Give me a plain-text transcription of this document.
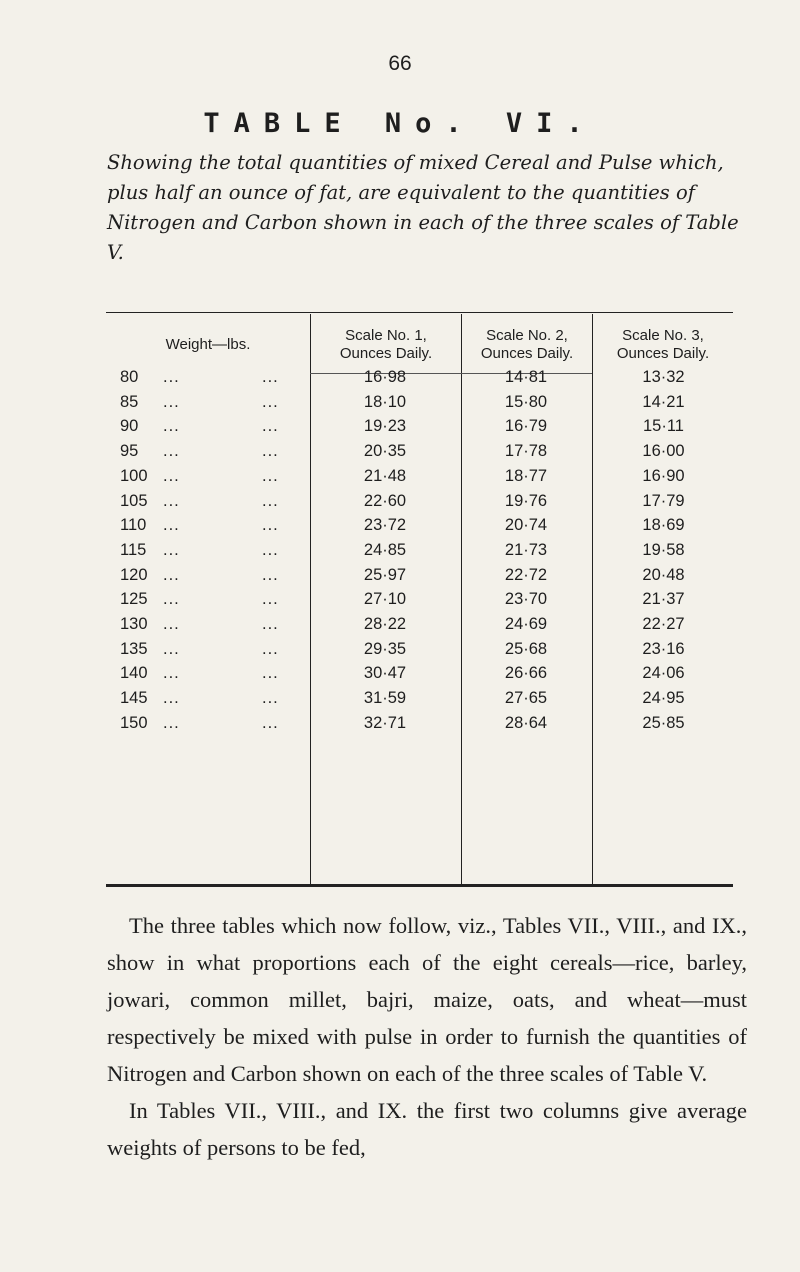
66
TABLE No. VI.
Showing the total quantities of mixed Cereal and Pulse which, plus half an ounce of fat, are equivalent to the quantities of Nitrogen and Carbon shown in each of the three scales of Table V.
Weight—lbs.
Scale No. 1,
Ounces Daily.
Scale No. 2,
Ounces Daily.
Scale No. 3,
Ounces Daily.
80 ...	...	16·98	14·81	13·32
85 ...	...	18·10	15·80	14·21
90 ...	...	19·23	16·79	15·11
95 ...	...	20·35	17·78	16·00
100 ...	...	21·48	18·77	16·90
105 ...	...	22·60	19·76	17·79
110 ...	...	23·72	20·74	18·69
115 ...	...	24·85	21·73	19·58
120 ...	...	25·97	22·72	20·48
125 ...	...	27·10	23·70	21·37
130 ...	...	28·22	24·69	22·27
135 ...	...	29·35	25·68	23·16
140 ...	...	30·47	26·66	24·06
145 ...	...	31·59	27·65	24·95
150 ...	...	32·71	28·64	25·85

The three tables which now follow, viz., Tables VII., VIII., and IX., show in what proportions each of the eight cereals—rice, barley, jowari, common millet, bajri, maize, oats, and wheat—must respectively be mixed with pulse in order to furnish the quantities of Nitrogen and Carbon shown on each of the three scales of Table V.

In Tables VII., VIII., and IX. the first two columns give average weights of persons to be fed,
